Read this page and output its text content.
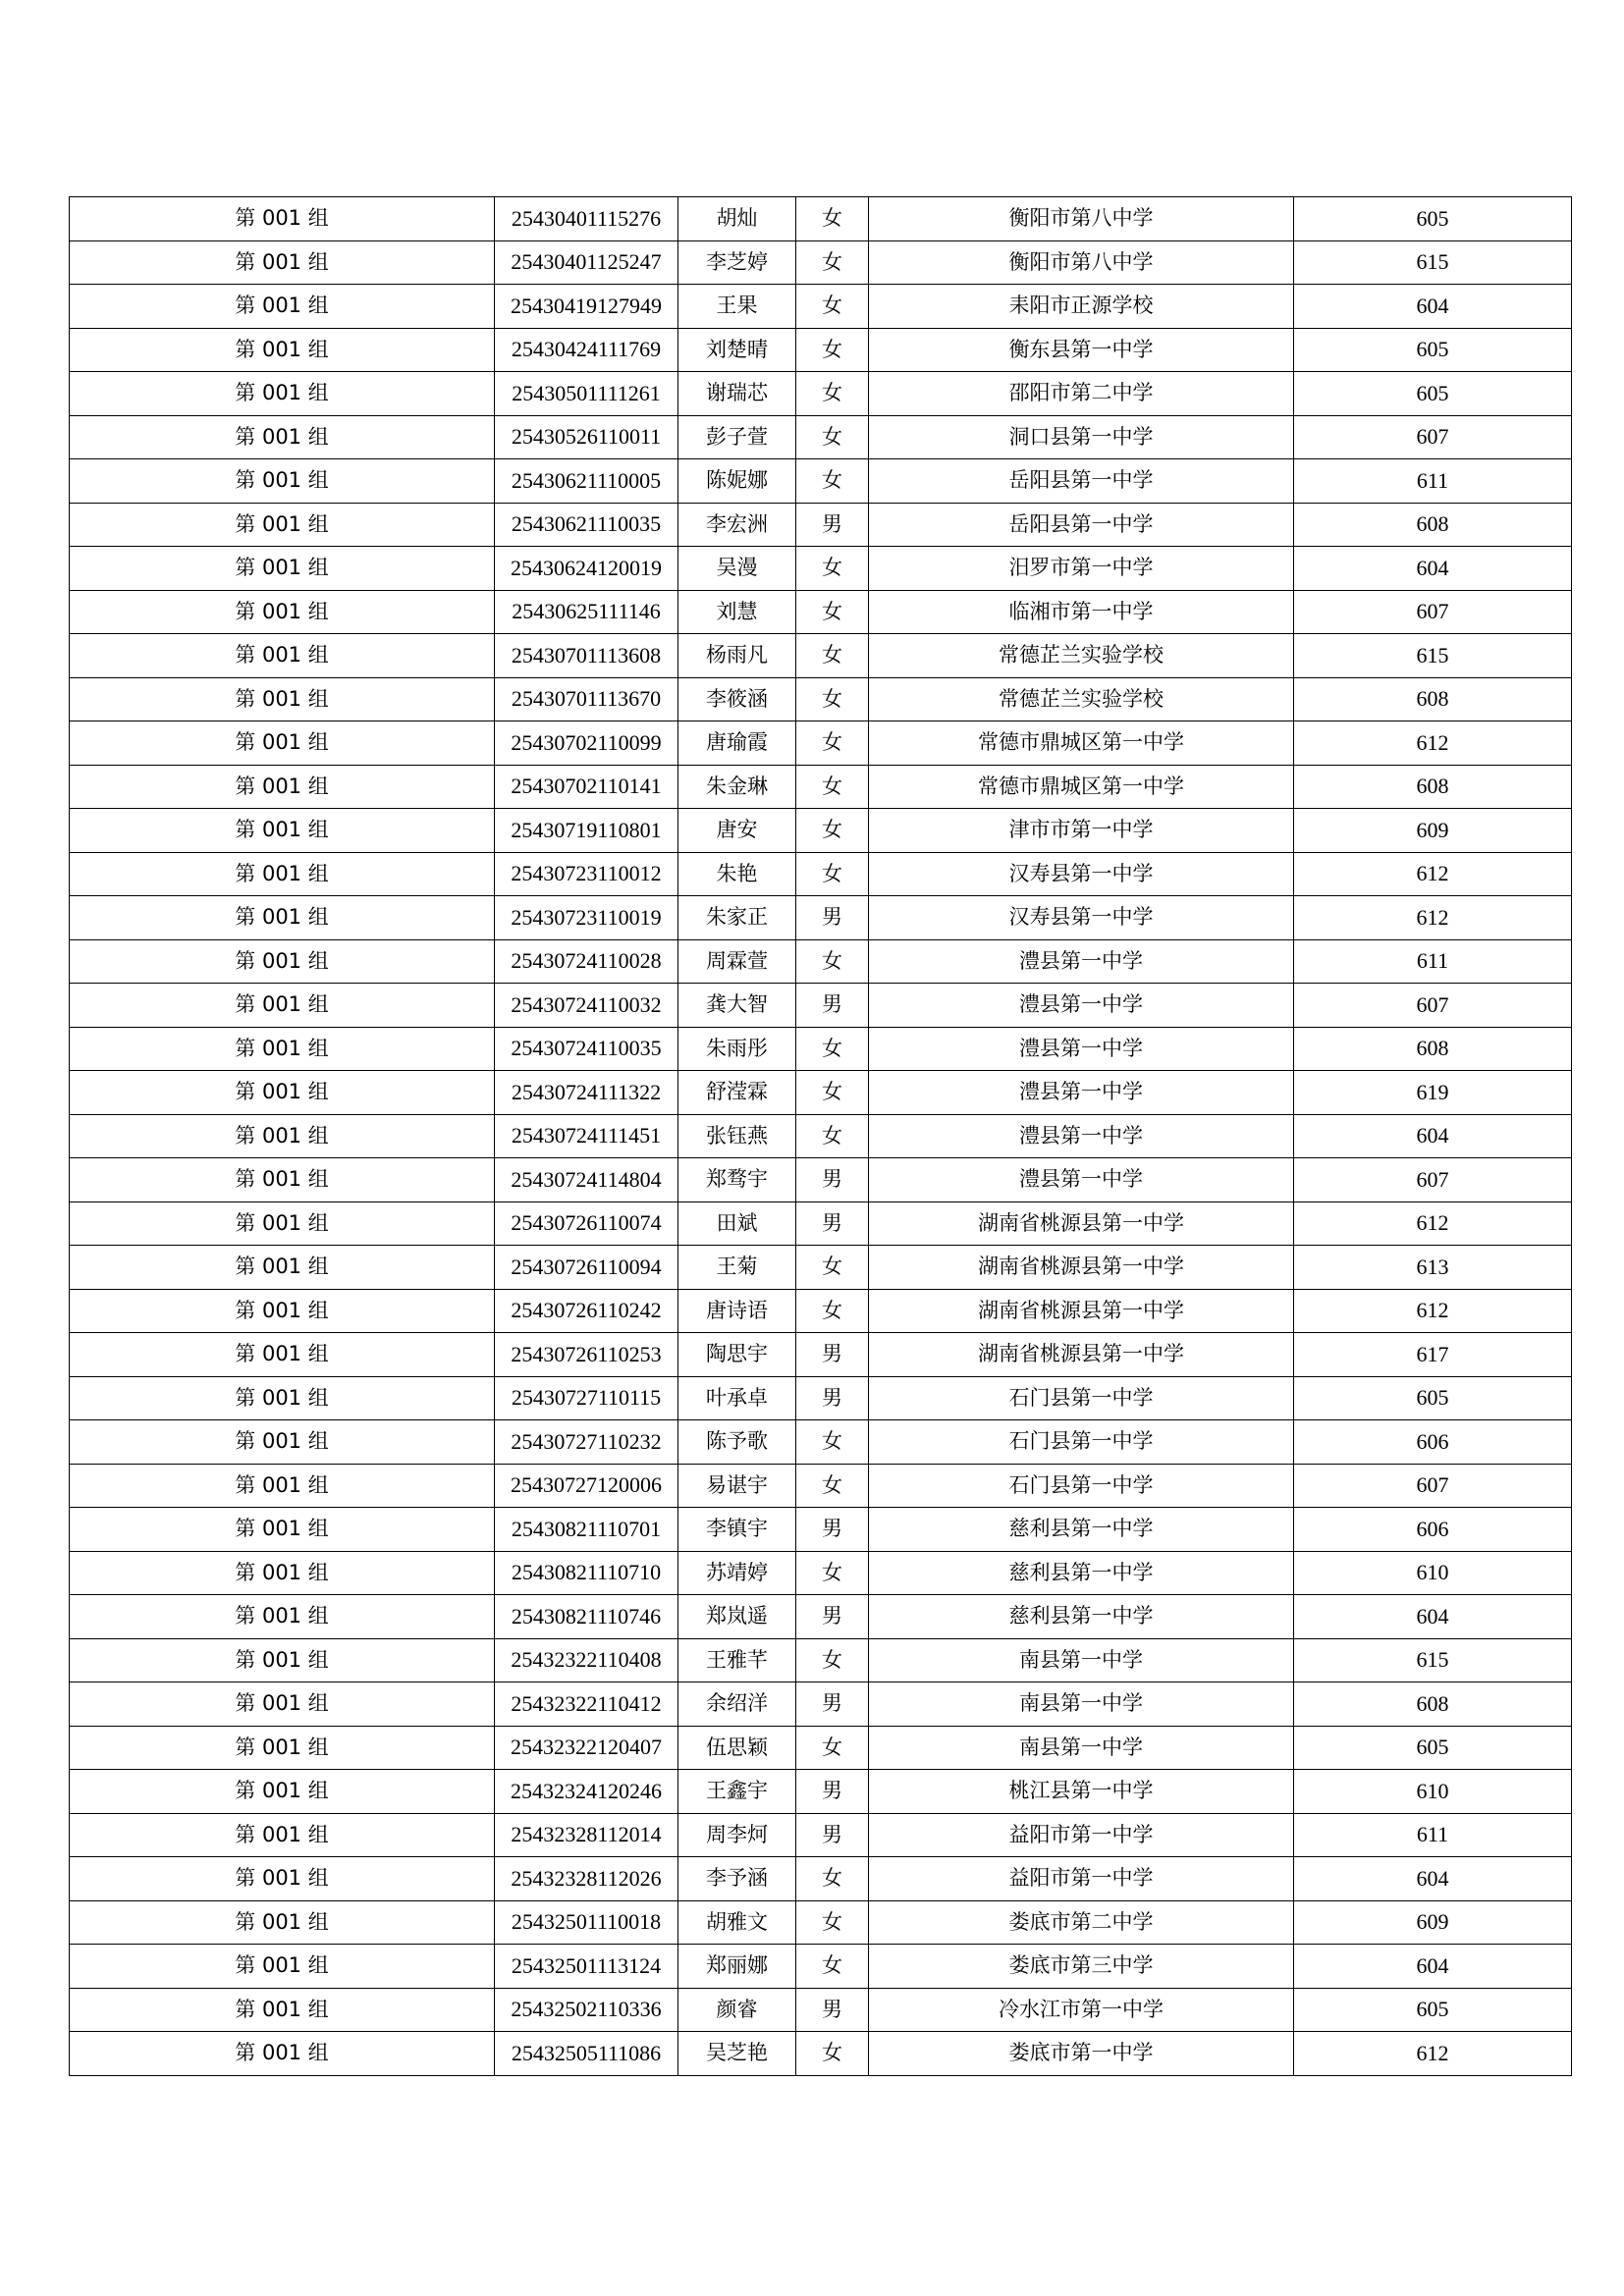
第 001 组	25430401115276	胡灿	女	衡阳市第八中学	605
第 001 组	25430401125247	李芝婷	女	衡阳市第八中学	615
第 001 组	25430419127949	王果	女	耒阳市正源学校	604
第 001 组	25430424111769	刘楚晴	女	衡东县第一中学	605
第 001 组	25430501111261	谢瑞芯	女	邵阳市第二中学	605
第 001 组	25430526110011	彭子萱	女	洞口县第一中学	607
第 001 组	25430621110005	陈妮娜	女	岳阳县第一中学	611
第 001 组	25430621110035	李宏洲	男	岳阳县第一中学	608
第 001 组	25430624120019	吴漫	女	汨罗市第一中学	604
第 001 组	25430625111146	刘慧	女	临湘市第一中学	607
第 001 组	25430701113608	杨雨凡	女	常德芷兰实验学校	615
第 001 组	25430701113670	李筱涵	女	常德芷兰实验学校	608
第 001 组	25430702110099	唐瑜霞	女	常德市鼎城区第一中学	612
第 001 组	25430702110141	朱金琳	女	常德市鼎城区第一中学	608
第 001 组	25430719110801	唐安	女	津市市第一中学	609
第 001 组	25430723110012	朱艳	女	汉寿县第一中学	612
第 001 组	25430723110019	朱家正	男	汉寿县第一中学	612
第 001 组	25430724110028	周霖萱	女	澧县第一中学	611
第 001 组	25430724110032	龚大智	男	澧县第一中学	607
第 001 组	25430724110035	朱雨彤	女	澧县第一中学	608
第 001 组	25430724111322	舒滢霖	女	澧县第一中学	619
第 001 组	25430724111451	张钰燕	女	澧县第一中学	604
第 001 组	25430724114804	郑骛宇	男	澧县第一中学	607
第 001 组	25430726110074	田斌	男	湖南省桃源县第一中学	612
第 001 组	25430726110094	王菊	女	湖南省桃源县第一中学	613
第 001 组	25430726110242	唐诗语	女	湖南省桃源县第一中学	612
第 001 组	25430726110253	陶思宇	男	湖南省桃源县第一中学	617
第 001 组	25430727110115	叶承卓	男	石门县第一中学	605
第 001 组	25430727110232	陈予歌	女	石门县第一中学	606
第 001 组	25430727120006	易谌宇	女	石门县第一中学	607
第 001 组	25430821110701	李镇宇	男	慈利县第一中学	606
第 001 组	25430821110710	苏靖婷	女	慈利县第一中学	610
第 001 组	25430821110746	郑岚遥	男	慈利县第一中学	604
第 001 组	25432322110408	王雅芊	女	南县第一中学	615
第 001 组	25432322110412	余绍洋	男	南县第一中学	608
第 001 组	25432322120407	伍思颖	女	南县第一中学	605
第 001 组	25432324120246	王鑫宇	男	桃江县第一中学	610
第 001 组	25432328112014	周李炣	男	益阳市第一中学	611
第 001 组	25432328112026	李予涵	女	益阳市第一中学	604
第 001 组	25432501110018	胡雅文	女	娄底市第二中学	609
第 001 组	25432501113124	郑丽娜	女	娄底市第三中学	604
第 001 组	25432502110336	颜睿	男	冷水江市第一中学	605
第 001 组	25432505111086	吴芝艳	女	娄底市第一中学	612
